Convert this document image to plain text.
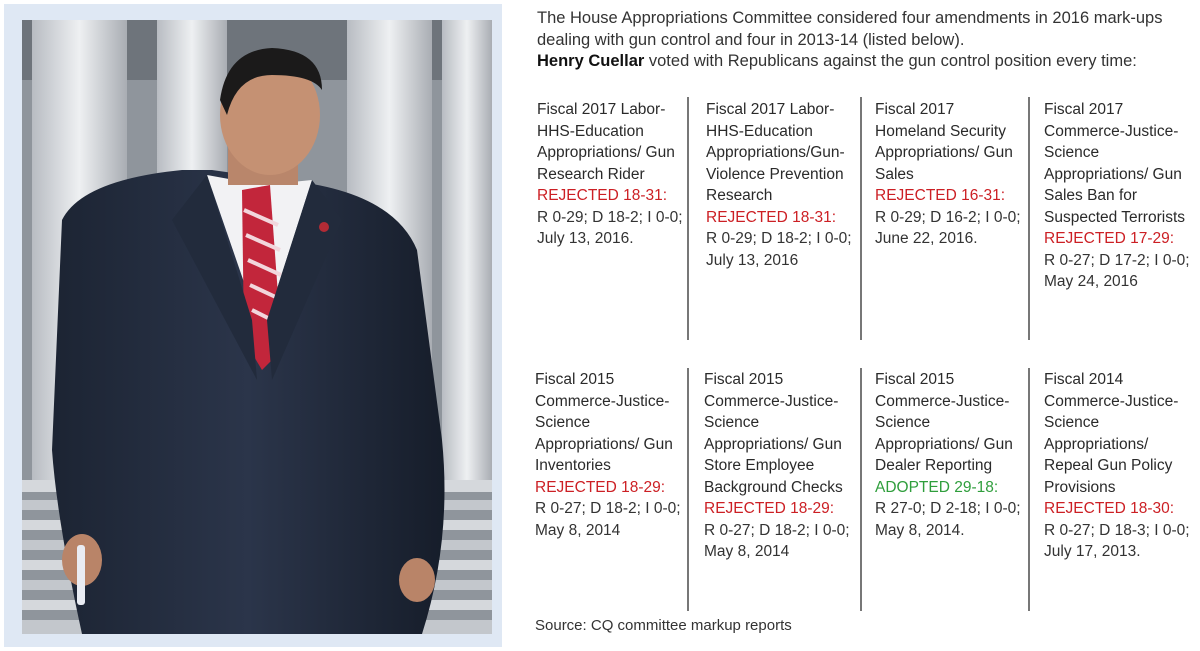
The House Appropriations Committee considered four amendments in 2016 mark-ups dealing with gun control and four in 2013-14 (listed below).
Henry Cuellar voted with Republicans against the gun control position every time:
Fiscal 2017 Labor-HHS-Education Appropriations/ Gun Research Rider
REJECTED 18-31:
R 0-29; D 18-2; I 0-0;
July 13, 2016.
Fiscal 2017 Labor-HHS-Education Appropriations/Gun-Violence Prevention Research
REJECTED 18-31:
R 0-29; D 18-2; I 0-0;
July 13, 2016
Fiscal 2017 Homeland Security Appropriations/ Gun Sales
REJECTED 16-31:
R 0-29; D 16-2; I 0-0;
June 22, 2016.
Fiscal 2017 Commerce-Justice-Science Appropriations/ Gun Sales Ban for Suspected Terrorists
REJECTED 17-29:
R 0-27; D 17-2; I 0-0;
May 24, 2016
Fiscal 2015 Commerce-Justice-Science Appropriations/ Gun Inventories
REJECTED 18-29:
R 0-27; D 18-2; I 0-0;
May 8, 2014
Fiscal 2015 Commerce-Justice-Science Appropriations/ Gun Store Employee Background Checks
REJECTED 18-29:
R 0-27; D 18-2; I 0-0;
May 8, 2014
Fiscal 2015 Commerce-Justice-Science Appropriations/ Gun Dealer Reporting
ADOPTED 29-18:
R 27-0; D 2-18; I 0-0;
May 8, 2014.
Fiscal 2014 Commerce-Justice-Science Appropriations/ Repeal Gun Policy Provisions
REJECTED 18-30:
R 0-27; D 18-3; I 0-0;
July 17, 2013.
Source: CQ committee markup reports
